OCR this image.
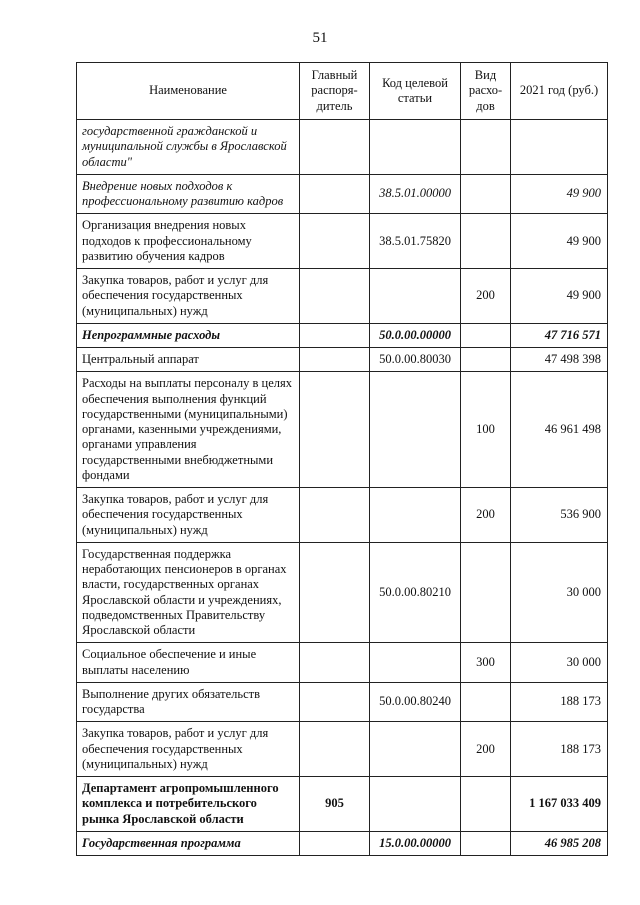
51
Наименование	Главный распоря-дитель	Код целевой статьи	Вид расхо-дов	2021 год (руб.)
государственной гражданской и муниципальной службы в Ярославской области"				
Внедрение новых подходов к профессиональному развитию кадров		38.5.01.00000		49 900
Организация внедрения новых подходов к профессиональному развитию обучения кадров		38.5.01.75820		49 900
Закупка товаров, работ и услуг для обеспечения государственных (муниципальных) нужд			200	49 900
Непрограммные расходы		50.0.00.00000		47 716 571
Центральный аппарат		50.0.00.80030		47 498 398
Расходы на выплаты персоналу в целях обеспечения выполнения функций государственными (муниципальными) органами, казенными учреждениями, органами управления государственными внебюджетными фондами			100	46 961 498
Закупка товаров, работ и услуг для обеспечения государственных (муниципальных) нужд			200	536 900
Государственная поддержка неработающих пенсионеров в органах власти, государственных органах Ярославской области и учреждениях, подведомственных Правительству Ярославской области		50.0.00.80210		30 000
Социальное обеспечение и иные выплаты населению			300	30 000
Выполнение других обязательств государства		50.0.00.80240		188 173
Закупка товаров, работ и услуг для обеспечения государственных (муниципальных) нужд			200	188 173
Департамент агропромышленного комплекса и потребительского рынка Ярославской области	905			1 167 033 409
Государственная программа		15.0.00.00000		46 985 208
